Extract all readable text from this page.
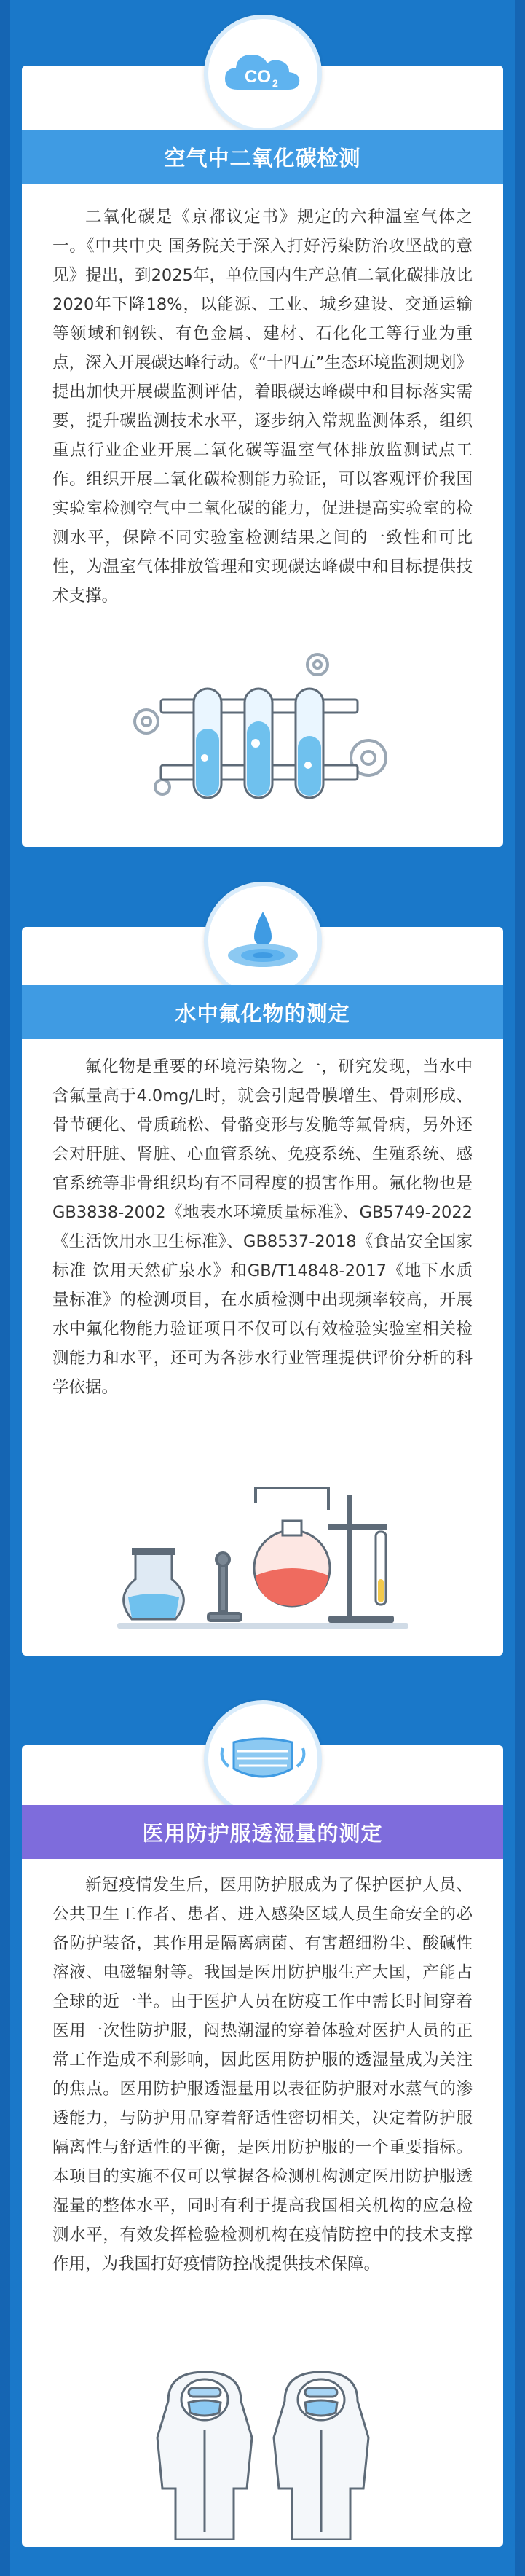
CO 2
空气中二氧化碳检测
二氧化碳是《京都议定书》规定的六种温室气体之一。《中共中央 国务院关于深入打好污染防治攻坚战的意见》提出，到2025年，单位国内生产总值二氧化碳排放比2020年下降18%，以能源、工业、城乡建设、交通运输等领域和钢铁、有色金属、建材、石化化工等行业为重点，深入开展碳达峰行动。《“十四五”生态环境监测规划》提出加快开展碳监测评估，着眼碳达峰碳中和目标落实需要，提升碳监测技术水平，逐步纳入常规监测体系，组织重点行业企业开展二氧化碳等温室气体排放监测试点工作。组织开展二氧化碳检测能力验证，可以客观评价我国实验室检测空气中二氧化碳的能力，促进提高实验室的检测水平，保障不同实验室检测结果之间的一致性和可比性，为温室气体排放管理和实现碳达峰碳中和目标提供技术支撑。
水中氟化物的测定
氟化物是重要的环境污染物之一，研究发现，当水中含氟量高于4.0mg/L时，就会引起骨膜增生、骨刺形成、骨节硬化、骨质疏松、骨骼变形与发脆等氟骨病，另外还会对肝脏、肾脏、心血管系统、免疫系统、生殖系统、感官系统等非骨组织均有不同程度的损害作用。氟化物也是GB3838-2002《地表水环境质量标准》、GB5749-2022《生活饮用水卫生标准》、GB8537-2018《食品安全国家标准 饮用天然矿泉水》和GB/T14848-2017《地下水质量标准》的检测项目，在水质检测中出现频率较高，开展水中氟化物能力验证项目不仅可以有效检验实验室相关检测能力和水平，还可为各涉水行业管理提供评价分析的科学依据。
医用防护服透湿量的测定
新冠疫情发生后，医用防护服成为了保护医护人员、公共卫生工作者、患者、进入感染区域人员生命安全的必备防护装备，其作用是隔离病菌、有害超细粉尘、酸碱性溶液、电磁辐射等。我国是医用防护服生产大国，产能占全球的近一半。由于医护人员在防疫工作中需长时间穿着医用一次性防护服，闷热潮湿的穿着体验对医护人员的正常工作造成不利影响，因此医用防护服的透湿量成为关注的焦点。医用防护服透湿量用以表征防护服对水蒸气的渗透能力，与防护用品穿着舒适性密切相关，决定着防护服隔离性与舒适性的平衡，是医用防护服的一个重要指标。本项目的实施不仅可以掌握各检测机构测定医用防护服透湿量的整体水平，同时有利于提高我国相关机构的应急检测水平，有效发挥检验检测机构在疫情防控中的技术支撑作用，为我国打好疫情防控战提供技术保障。
